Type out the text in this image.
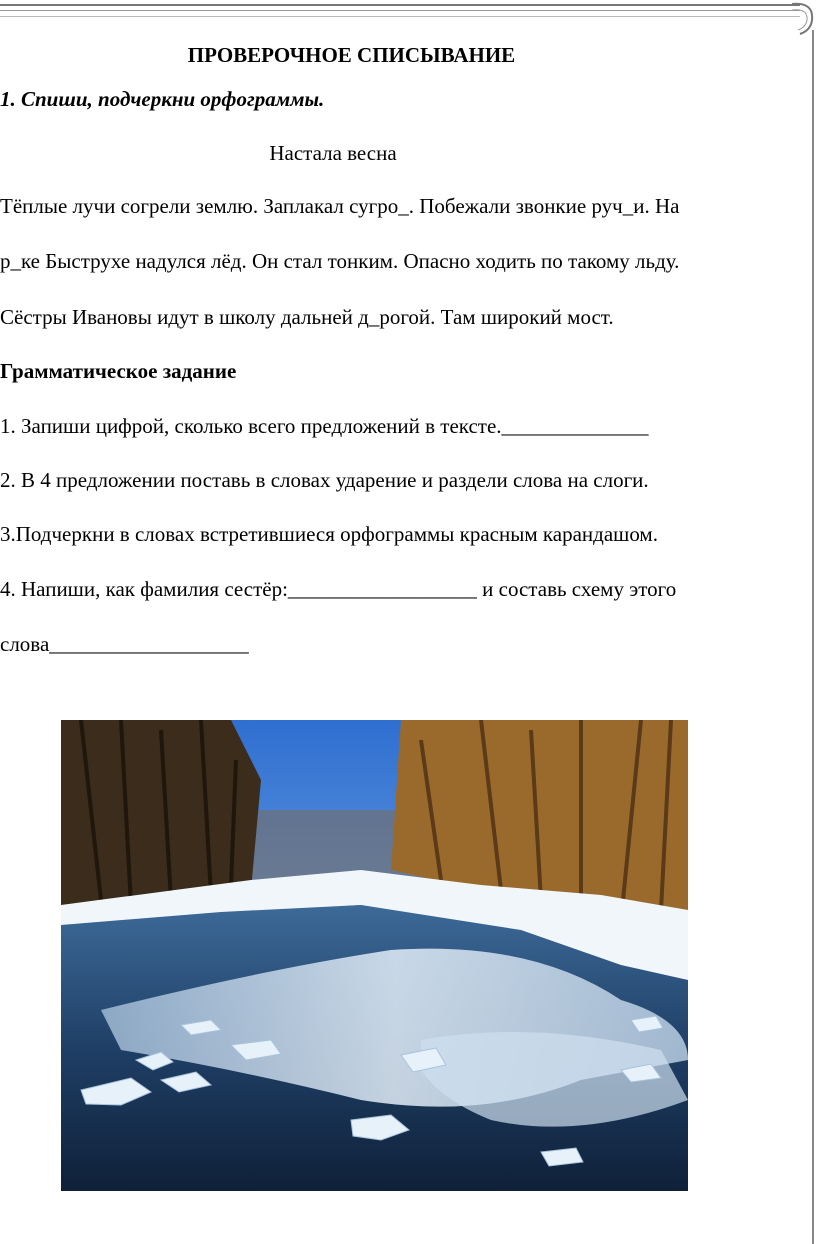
ПРОВЕРОЧНОЕ СПИСЫВАНИЕ
1. Спиши, подчеркни орфограммы.
Настала весна
Тёплые лучи согрели землю. Заплакал сугро_. Побежали звонкие руч_и. На
р_ке Быструхе надулся лёд. Он стал тонким. Опасно ходить по такому льду.
Сёстры Ивановы идут в школу дальней д_рогой. Там широкий мост.
Грамматическое задание
1. Запиши цифрой, сколько всего предложений в тексте.______________
2. В 4 предложении поставь в словах ударение и раздели слова на слоги.
3.Подчеркни в словах встретившиеся орфограммы красным карандашом.
4. Напиши, как фамилия сестёр:__________________ и составь схему этого
слова___________________
